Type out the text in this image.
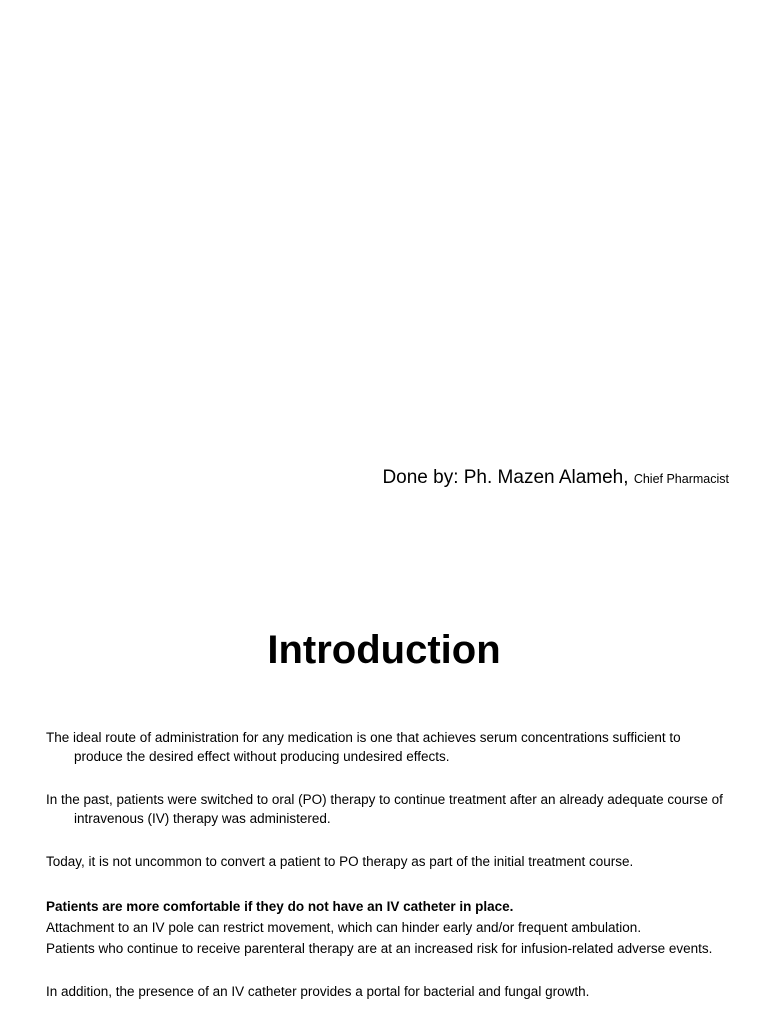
Done by: Ph. Mazen Alameh, Chief Pharmacist
Introduction

The ideal route of administration for any medication is one that achieves serum concentrations sufficient to produce the desired effect without producing undesired effects.

In the past, patients were switched to oral (PO) therapy to continue treatment after an already adequate course of intravenous (IV) therapy was administered.

Today, it is not uncommon to convert a patient to PO therapy as part of the initial treatment course.

Patients are more comfortable if they do not have an IV catheter in place.

Attachment to an IV pole can restrict movement, which can hinder early and/or frequent ambulation.

Patients who continue to receive parenteral therapy are at an increased risk for infusion-related adverse events.

In addition, the presence of an IV catheter provides a portal for bacterial and fungal growth.
